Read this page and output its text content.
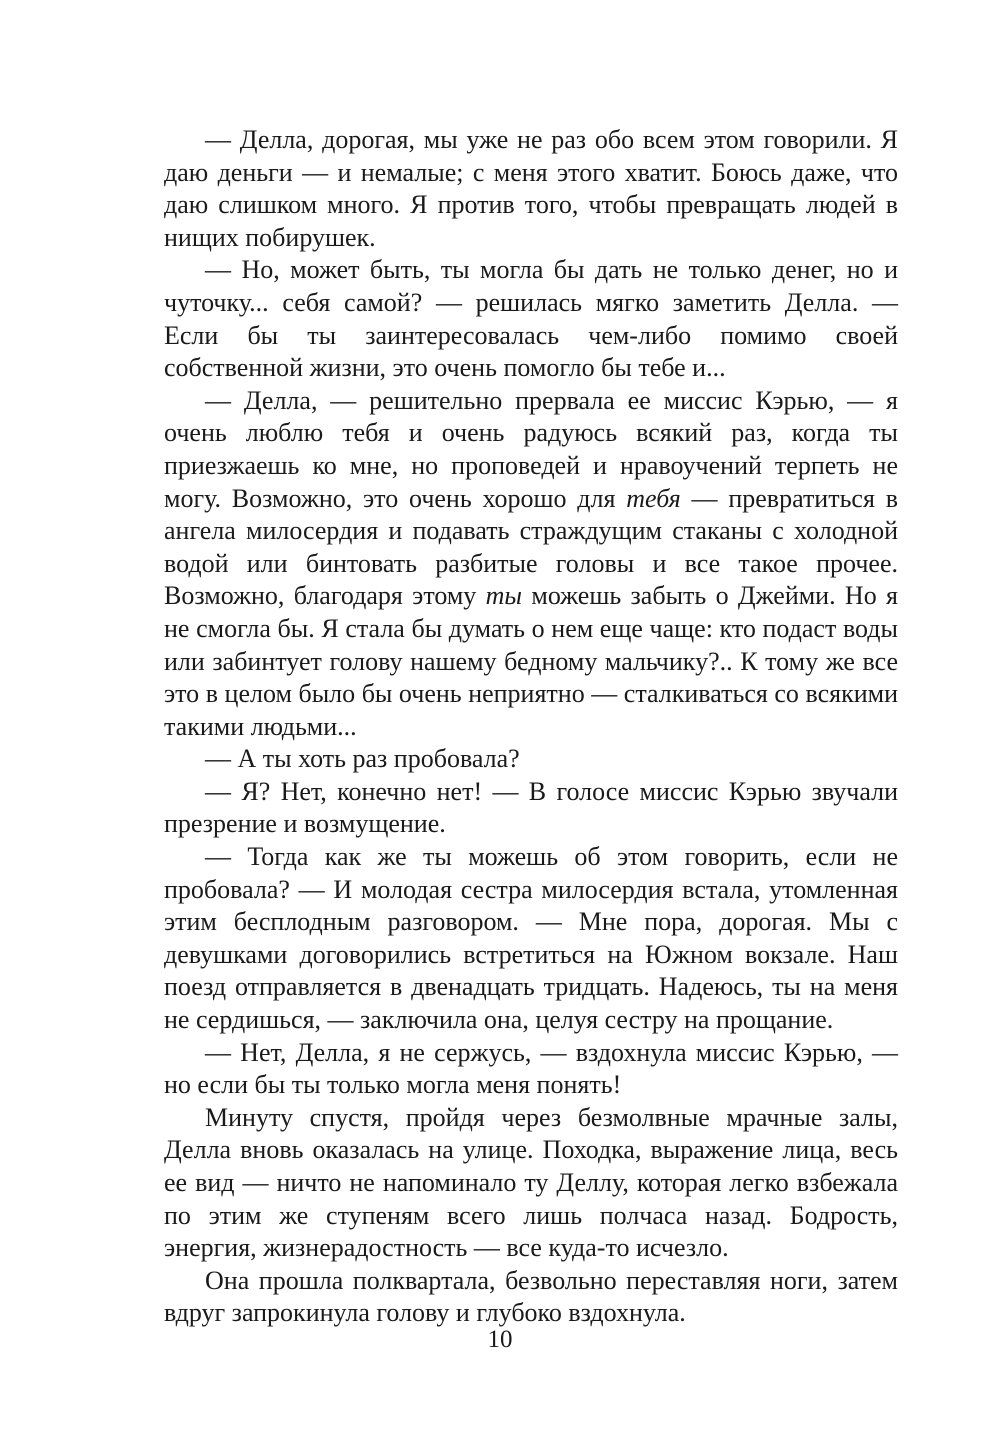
— Делла, дорогая, мы уже не раз обо всем этом говорили. Я даю деньги — и немалые; с меня этого хватит. Боюсь даже, что даю слишком много. Я против того, чтобы превращать людей в нищих побирушек.

— Но, может быть, ты могла бы дать не только денег, но и чуточку... себя самой? — решилась мягко заметить Делла. — Если бы ты заинтересовалась чем-либо помимо своей собственной жизни, это очень помогло бы тебе и...

— Делла, — решительно прервала ее миссис Кэрью, — я очень люблю тебя и очень радуюсь всякий раз, когда ты приезжаешь ко мне, но проповедей и нравоучений терпеть не могу. Возможно, это очень хорошо для тебя — превратиться в ангела милосердия и подавать страждущим стаканы с холодной водой или бинтовать разбитые головы и все такое прочее. Возможно, благодаря этому ты можешь забыть о Джейми. Но я не смогла бы. Я стала бы думать о нем еще чаще: кто подаст воды или забинтует голову нашему бедному мальчику?.. К тому же все это в целом было бы очень неприятно — сталкиваться со всякими такими людьми...

— А ты хоть раз пробовала?

— Я? Нет, конечно нет! — В голосе миссис Кэрью звучали презрение и возмущение.

— Тогда как же ты можешь об этом говорить, если не пробовала? — И молодая сестра милосердия встала, утомленная этим бесплодным разговором. — Мне пора, дорогая. Мы с девушками договорились встретиться на Южном вокзале. Наш поезд отправляется в двенадцать тридцать. Надеюсь, ты на меня не сердишься, — заключила она, целуя сестру на прощание.

— Нет, Делла, я не сержусь, — вздохнула миссис Кэрью, — но если бы ты только могла меня понять!

Минуту спустя, пройдя через безмолвные мрачные залы, Делла вновь оказалась на улице. Походка, выражение лица, весь ее вид — ничто не напоминало ту Деллу, которая легко взбежала по этим же ступеням всего лишь полчаса назад. Бодрость, энергия, жизнерадостность — все куда-то исчезло.

Она прошла полквартала, безвольно переставляя ноги, затем вдруг запрокинула голову и глубоко вздохнула.

10
